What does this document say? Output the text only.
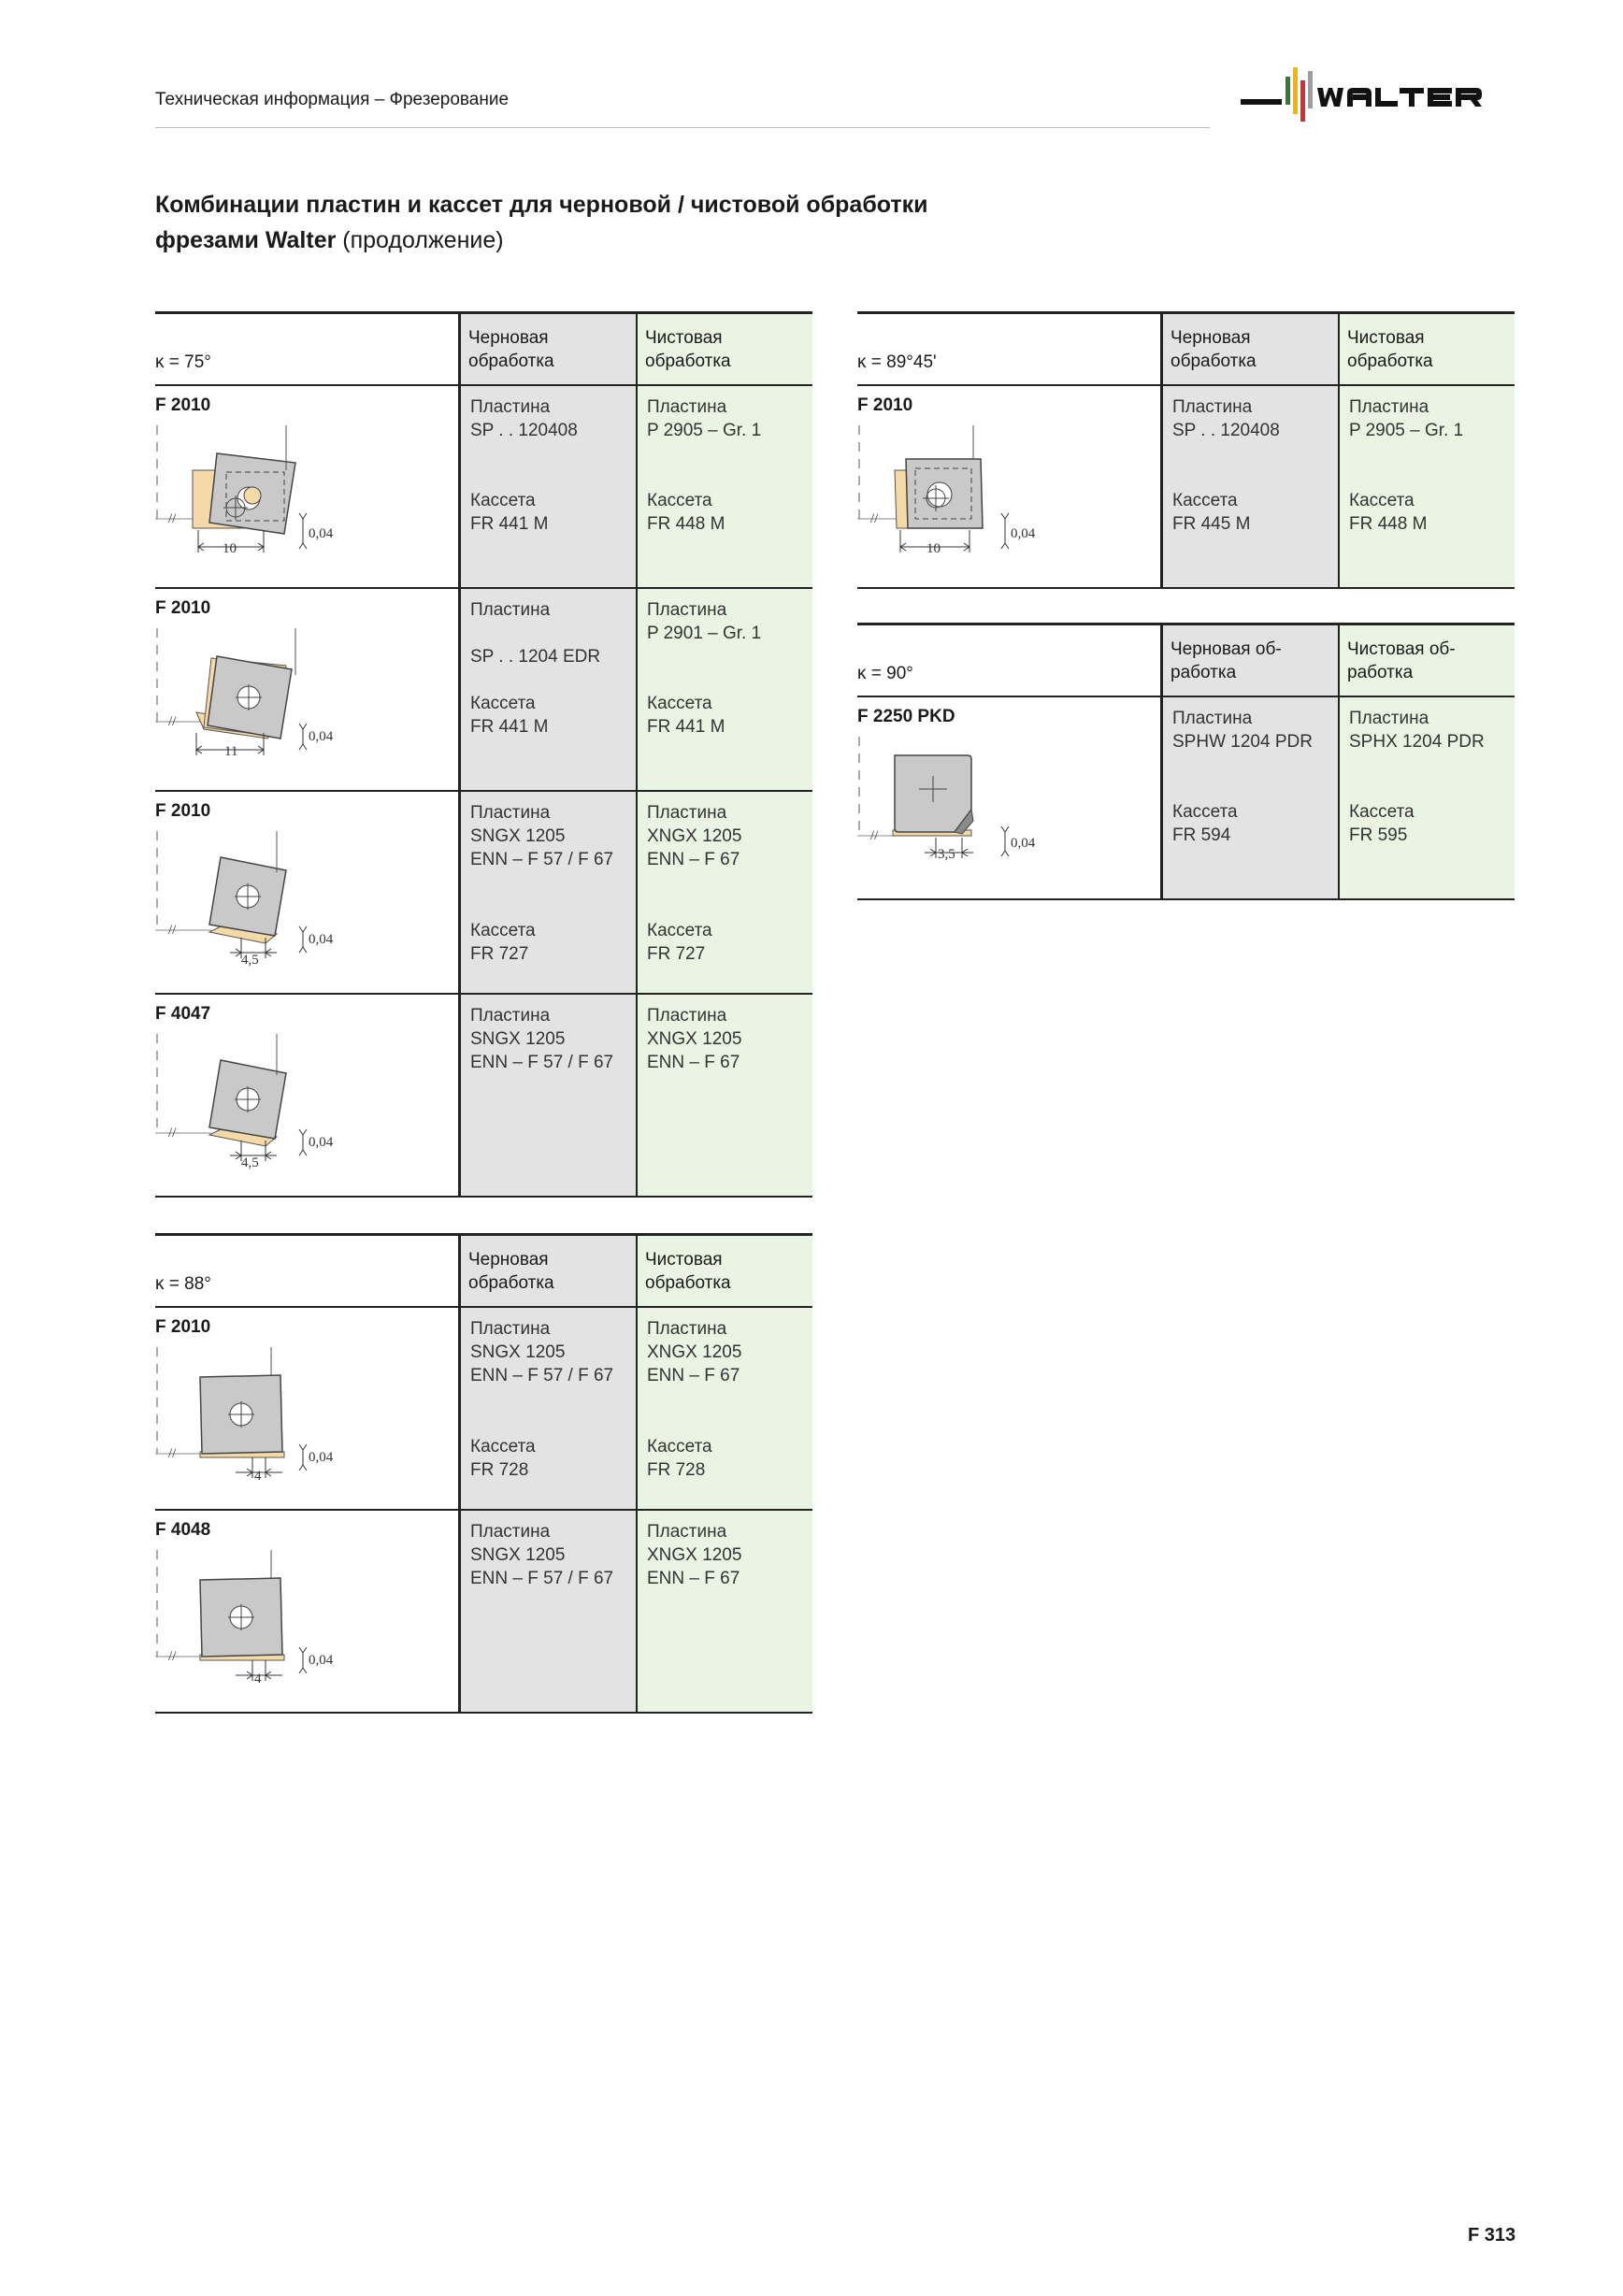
Техническая информация – Фрезерование
WALTER
Комбинации пластин и кассет для черновой / чистовой обработки
фрезами Walter (продолжение)
κ = 75°
Черновая
обработка
Чистовая
обработка
F 2010
0,04
10
//
Пластина
SP . . 120408
Кассета
FR 441 M
Пластина
P 2905 – Gr. 1
Кассета
FR 448 M
F 2010
0,04
11
//
Пластина
SP . . 1204 EDR
Кассета
FR 441 M
Пластина
P 2901 – Gr. 1
Кассета
FR 441 M
F 2010
0,04
4,5
//
Пластина
SNGX 1205
ENN – F 57 / F 67
Кассета
FR 727
Пластина
XNGX 1205
ENN – F 67
Кассета
FR 727
F 4047
0,04
4,5
//
Пластина
SNGX 1205
ENN – F 57 / F 67
Пластина
XNGX 1205
ENN – F 67
κ = 88°
Черновая
обработка
Чистовая
обработка
F 2010
0,04
4
//
Пластина
SNGX 1205
ENN – F 57 / F 67
Кассета
FR 728
Пластина
XNGX 1205
ENN – F 67
Кассета
FR 728
F 4048
0,04
4
//
Пластина
SNGX 1205
ENN – F 57 / F 67
Пластина
XNGX 1205
ENN – F 67
κ = 89°45'
Черновая
обработка
Чистовая
обработка
F 2010
0,04
10
//
Пластина
SP . . 120408
Кассета
FR 445 M
Пластина
P 2905 – Gr. 1
Кассета
FR 448 M
κ = 90°
Черновая об-
работка
Чистовая об-
работка
F 2250 PKD
0,04
3,5
//
Пластина
SPHW 1204 PDR
Кассета
FR 594
Пластина
SPHX 1204 PDR
Кассета
FR 595
F 313
